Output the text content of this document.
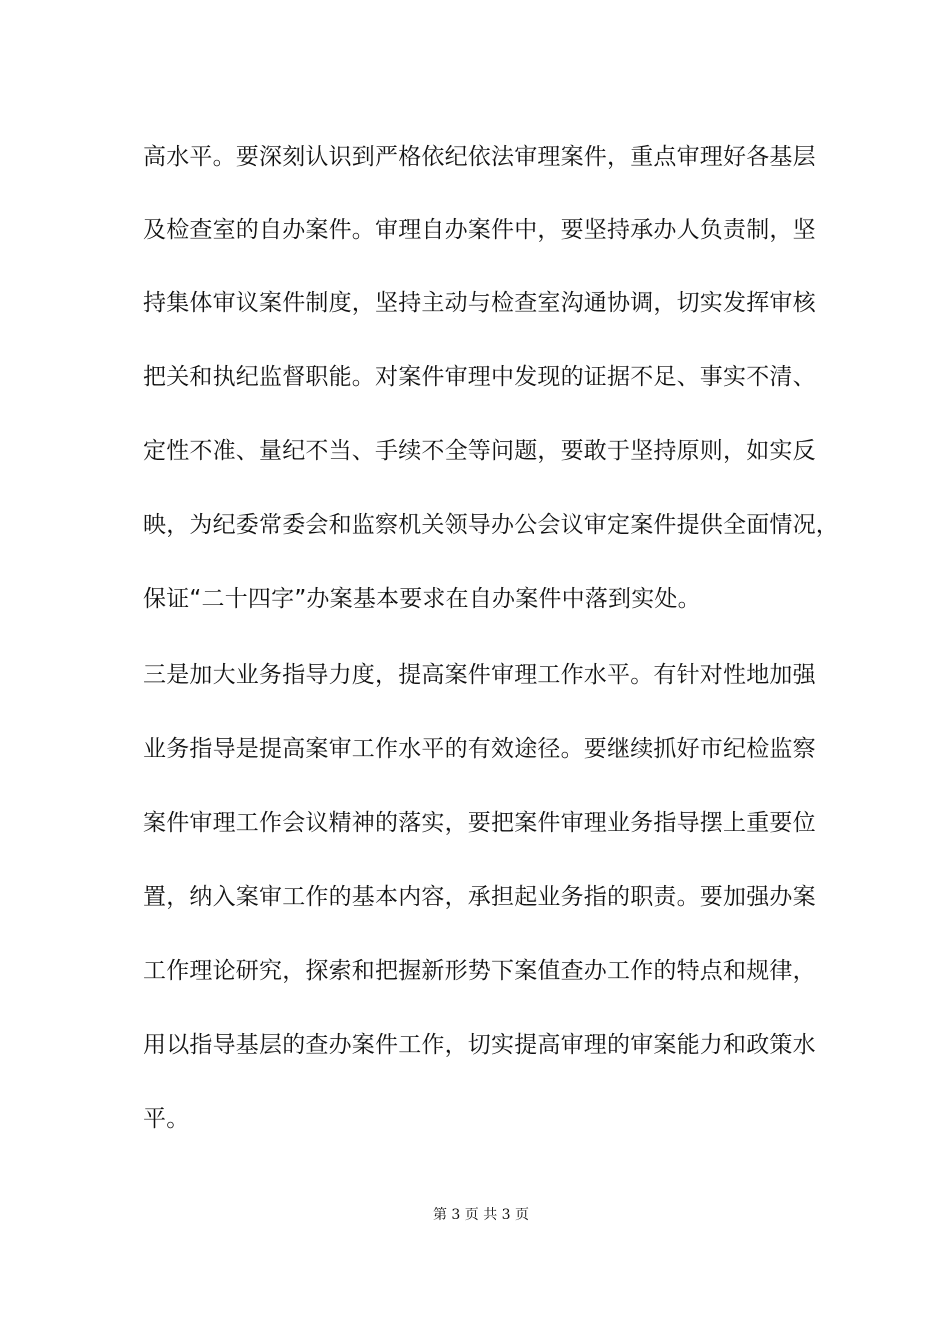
高水平。要深刻认识到严格依纪依法审理案件，重点审理好各基层
及检查室的自办案件。审理自办案件中，要坚持承办人负责制，坚
持集体审议案件制度，坚持主动与检查室沟通协调，切实发挥审核
把关和执纪监督职能。对案件审理中发现的证据不足、事实不清、
定性不准、量纪不当、手续不全等问题，要敢于坚持原则，如实反
映，为纪委常委会和监察机关领导办公会议审定案件提供全面情况，
保证“二十四字”办案基本要求在自办案件中落到实处。
三是加大业务指导力度，提高案件审理工作水平。有针对性地加强
业务指导是提高案审工作水平的有效途径。要继续抓好市纪检监察
案件审理工作会议精神的落实，要把案件审理业务指导摆上重要位
置，纳入案审工作的基本内容，承担起业务指的职责。要加强办案
工作理论研究，探索和把握新形势下案值查办工作的特点和规律，
用以指导基层的查办案件工作，切实提高审理的审案能力和政策水
平。
第 3 页 共 3 页
